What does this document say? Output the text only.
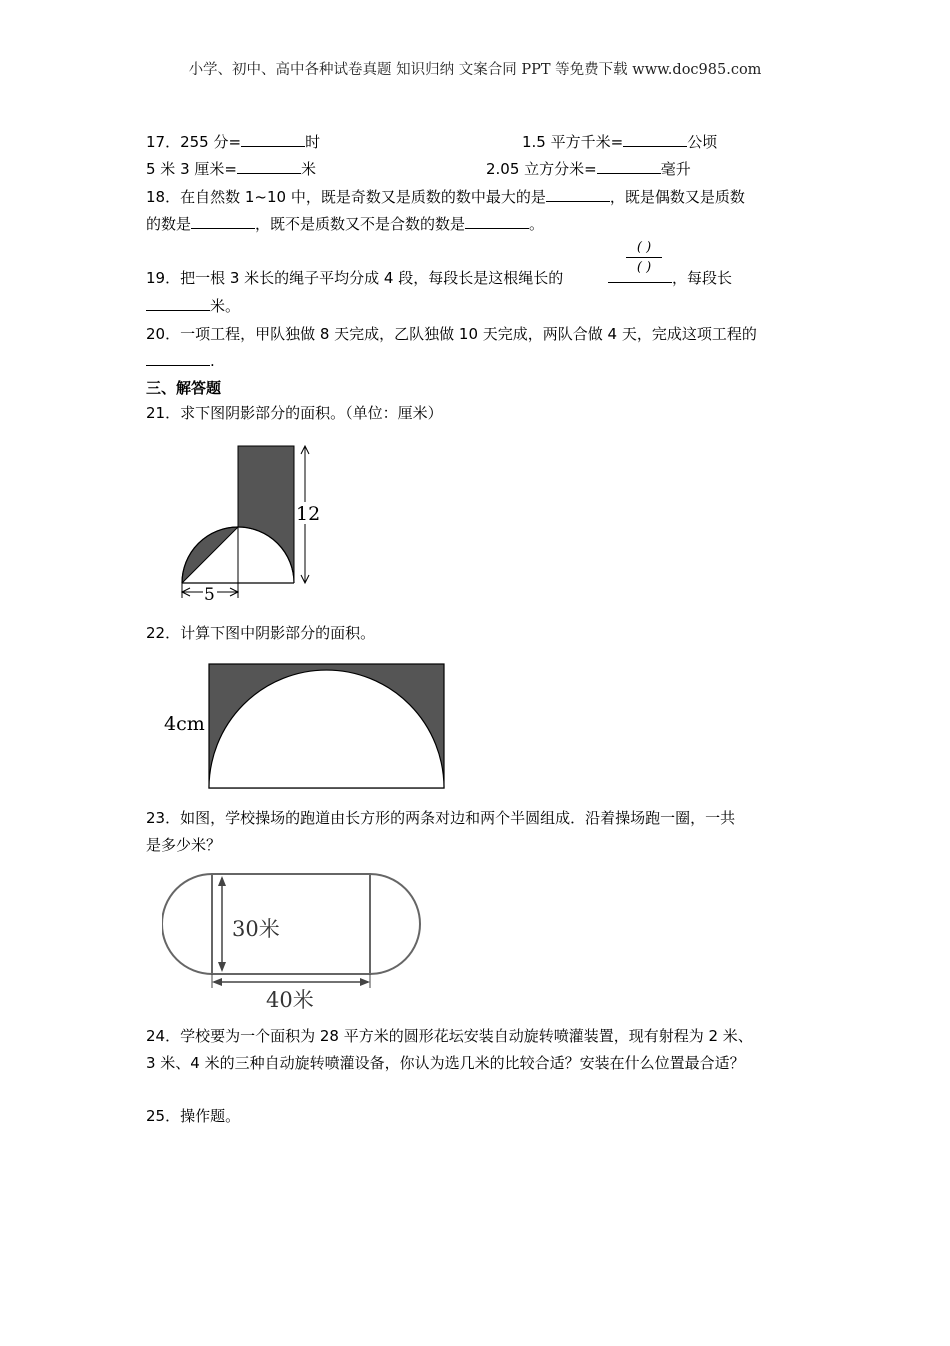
小学、初中、高中各种试卷真题 知识归纳 文案合同 PPT 等免费下载 www.doc985.com
17．255 分=	时	1.5 平方千米=	公顷
5 米 3 厘米=	米	2.05 立方分米=	毫升
18．在自然数 1~10 中，既是奇数又是质数的数中最大的是	，既是偶数又是质数
的数是	，既不是质数又不是合数的数是	。
19．把一根 3 米长的绳子平均分成 4 段，每段长是这根绳长的	，每段长
( )
( )
米。
20．一项工程，甲队独做 8 天完成，乙队独做 10 天完成，两队合做 4 天，完成这项工程的
.
三、解答题
21．求下图阴影部分的面积。（单位：厘米）
12
5
22．计算下图中阴影部分的面积。
4cm
23．如图，学校操场的跑道由长方形的两条对边和两个半圆组成．沿着操场跑一圈，一共
是多少米？
30米
40米
24．学校要为一个面积为 28 平方米的圆形花坛安装自动旋转喷灌装置，现有射程为 2 米、
3 米、4 米的三种自动旋转喷灌设备，你认为选几米的比较合适？安装在什么位置最合适？
25．操作题。
